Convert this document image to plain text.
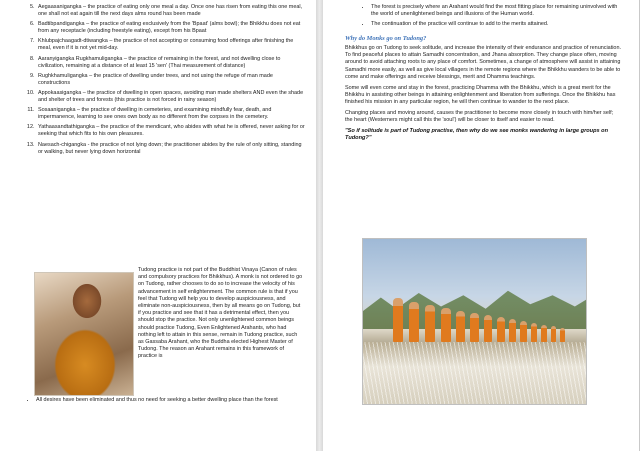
5. Aegaasanigangka – the practice of eating only one meal a day. Once one has risen from eating this one meal, one shall not eat again till the next days alms round has been made
6. Badtibpandigangka – the practice of eating exclusively from the 'Bpaat' (alms bowl); the Bhikkhu does not eat from any receptacle (including freestyle eating), except from his Bpaat
7. Khlubpajchaagadt-dtiwangka – the practice of not accepting or consuming food offerings after finishing the meal, even if it is not yet mid-day.
8. Aaranyigangka Rugkhamuligangka – the practice of remaining in the forest, and not dwelling close to civilization, remaining at a distance of at least 15 'sen' (Thai measurement of distance)
9. Rughkhamuligangka – the practice of dwelling under trees, and not using the refuge of man made constructions
10. Appokaasigangka – the practice of dwelling in open spaces, avoiding man made shelters AND even the shade and shelter of trees and forests (this practice is not forced in rainy season)
11. Sosaanigangka – the practice of dwelling in cemeteries, and examining mindfully fear, death, and impermanence, learning to see ones own body as no different from the corpses in the cemetery.
12. Yathaasandtathigangka – the practice of the mendicant, who abides with what he is offered, never asking for or seeking that which fits to his own pleasures.
13. Naesach-chigangka - the practice of not lying down; the practitioner abides by the rule of only sitting, standing or walking, but never lying down horizontal

Tudong practice is not part of the Buddhist Vinaya (Canon of rules and compulsory practices for Bhikkhus). A monk is not ordered to go on Tudong, rather chooses to do so to increase the velocity of his advancement in self enlightenment. The common rule is that if you feel that Tudong will help you to develop auspiciousness, and eliminate non-auspiciousness, then by all means go on Tudong, but if you practice and see that it has a detrimental effect, then you should stop the practice. Not only unenlightened common beings should practice Tudong, Even Enlightened Arahants, who had nothing left to attain in this sense, remain in Tudong practice, such as Gassaba Arahant, who the Buddha elected Highest Master of Tudong. The reason an Arahant remains in this framework of practice is

• All desires have been eliminated and thus no need for seeking a better dwelling place than the forest
• The forest is precisely where an Arahant would find the most fitting place for remaining uninvolved with the world of unenlightened beings and illusions of the Human world.
• The continuation of the practice will continue to add to the merits attained.
Why do Monks go on Tudong?

Bhikkhus go on Tudong to seek solitude, and increase the intensity of their endurance and practice of renunciation. To find peaceful places to attain Samadhi concentration, and Jhana absorption. They change place often, moving around to avoid attaching roots to any place of comfort. Sometimes, a change of atmosphere will assist in attaining Samadhi more easily, as well as give local villagers in the remote regions where the Bhikkhu wanders to be able to come and make offerings and receive blessings, merit and Dhamma teachings.

Some will even come and stay in the forest, practicing Dhamma with the Bhikkhu, which is a great merit for the Bhikkhu in assisting other beings in attaining enlightenment and liberation from sufferings. Once the Bhikkhu has finished his mission in any particular region, he will then continue to wander to the next place.

Changing places and moving around, causes the practitioner to become more closely in touch with him/her self; the heart (Westerners might call this the 'soul') will be closer to itself and easier to read.

"So if solitude is part of Tudong practise, then why do we see monks wandering in large groups on Tudong?"
